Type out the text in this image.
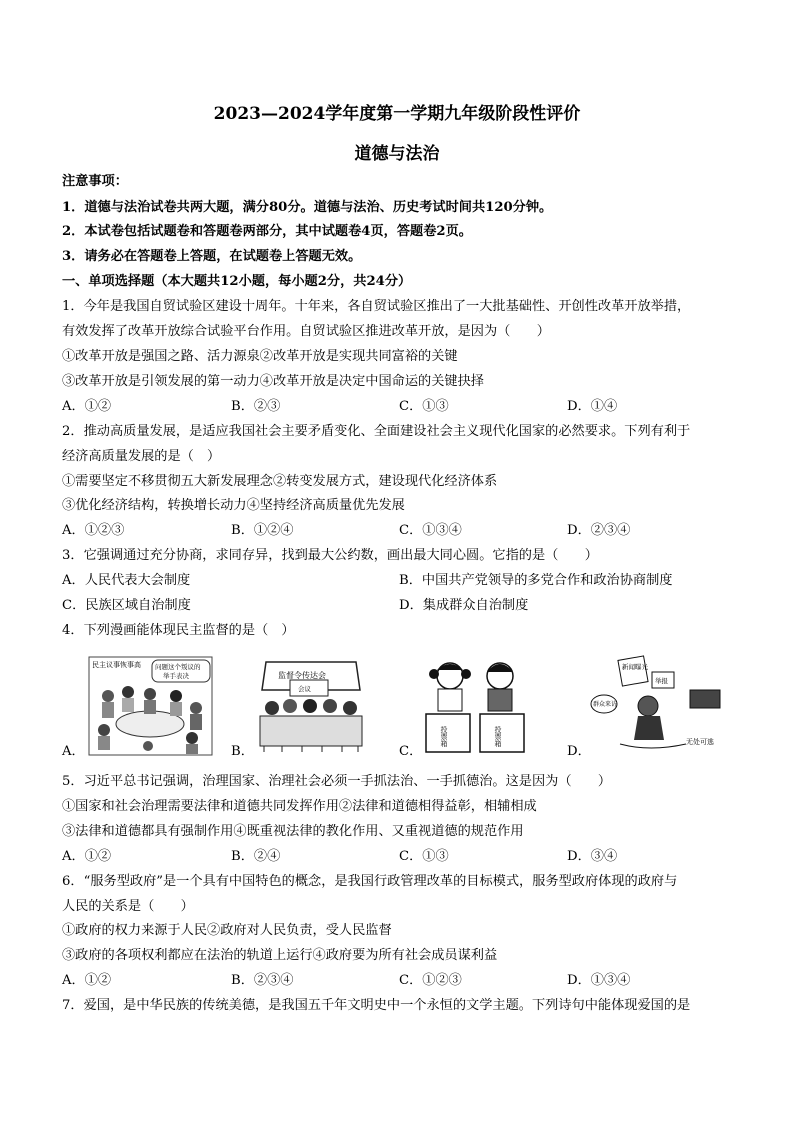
2023—2024学年度第一学期九年级阶段性评价
道德与法治
注意事项：
1．道德与法治试卷共两大题，满分80分。道德与法治、历史考试时间共120分钟。
2．本试卷包括试题卷和答题卷两部分，其中试题卷4页，答题卷2页。
3．请务必在答题卷上答题，在试题卷上答题无效。
一、单项选择题（本大题共12小题，每小题2分，共24分）
1．今年是我国自贸试验区建设十周年。十年来，各自贸试验区推出了一大批基础性、开创性改革开放举措，
有效发挥了改革开放综合试验平台作用。自贸试验区推进改革开放，是因为（　　）
①改革开放是强国之路、活力源泉②改革开放是实现共同富裕的关键
③改革开放是引领发展的第一动力④改革开放是决定中国命运的关键抉择
A．①②	B．②③	C．①③	D．①④
2．推动高质量发展，是适应我国社会主要矛盾变化、全面建设社会主义现代化国家的必然要求。下列有利于
经济高质量发展的是（　）
①需要坚定不移贯彻五大新发展理念②转变发展方式，建设现代化经济体系
③优化经济结构，转换增长动力④坚持经济高质量优先发展
A．①②③	B．①②④	C．①③④	D．②③④
3．它强调通过充分协商，求同存异，找到最大公约数，画出最大同心圆。它指的是（　　）
A．人民代表大会制度	B．中国共产党领导的多党合作和政治协商制度
C．民族区域自治制度	D．集成群众自治制度
4．下列漫画能体现民主监督的是（　）
A．
民主议事恢事高 问题这个叛议的
举手表决
B．
监督令传达会
会议
C．
投票箱	投票箱
D．
新闻曝光
举报
群众来访
无处可逃
5．习近平总书记强调，治理国家、治理社会必须一手抓法治、一手抓德治。这是因为（　　）
①国家和社会治理需要法律和道德共同发挥作用②法律和道德相得益彰，相辅相成
③法律和道德都具有强制作用④既重视法律的教化作用、又重视道德的规范作用
A．①②	B．②④	C．①③	D．③④
6．“服务型政府”是一个具有中国特色的概念，是我国行政管理改革的目标模式，服务型政府体现的政府与
人民的关系是（　　）
①政府的权力来源于人民②政府对人民负责，受人民监督
③政府的各项权利都应在法治的轨道上运行④政府要为所有社会成员谋利益
A．①②	B．②③④	C．①②③	D．①③④
7．爱国，是中华民族的传统美德，是我国五千年文明史中一个永恒的文学主题。下列诗句中能体现爱国的是
